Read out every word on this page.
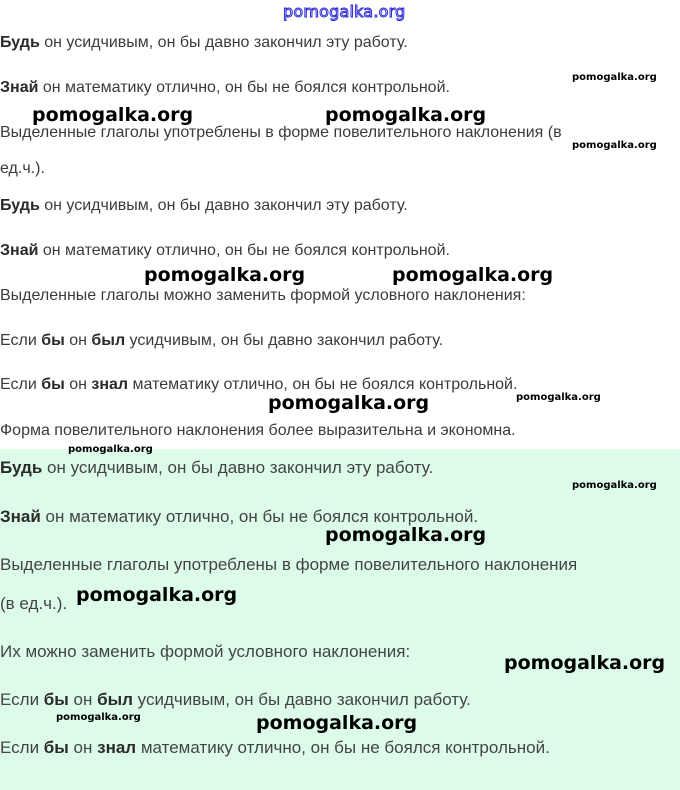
pomogalka.org

Будь он усидчивым, он бы давно закончил эту работу.

Знай он математику отлично, он бы не боялся контрольной.

Выделенные глаголы употреблены в форме повелительного наклонения (в

ед.ч.).

Будь он усидчивым, он бы давно закончил эту работу.

Знай он математику отлично, он бы не боялся контрольной.

Выделенные глаголы можно заменить формой условного наклонения:

Если бы он был усидчивым, он бы давно закончил работу.

Если бы он знал математику отлично, он бы не боялся контрольной.

Форма повелительного наклонения более выразительна и экономна.

Будь он усидчивым, он бы давно закончил эту работу.

Знай он математику отлично, он бы не боялся контрольной.

Выделенные глаголы употреблены в форме повелительного наклонения

(в ед.ч.).

Их можно заменить формой условного наклонения:

Если бы он был усидчивым, он бы давно закончил работу.

Если бы он знал математику отлично, он бы не боялся контрольной.

pomogalka.org
pomogalka.org	pomogalka.org
pomogalka.org
pomogalka.org	pomogalka.org
pomogalka.org	pomogalka.org
pomogalka.org
pomogalka.org
pomogalka.org
pomogalka.org
pomogalka.org
pomogalka.org	pomogalka.org
